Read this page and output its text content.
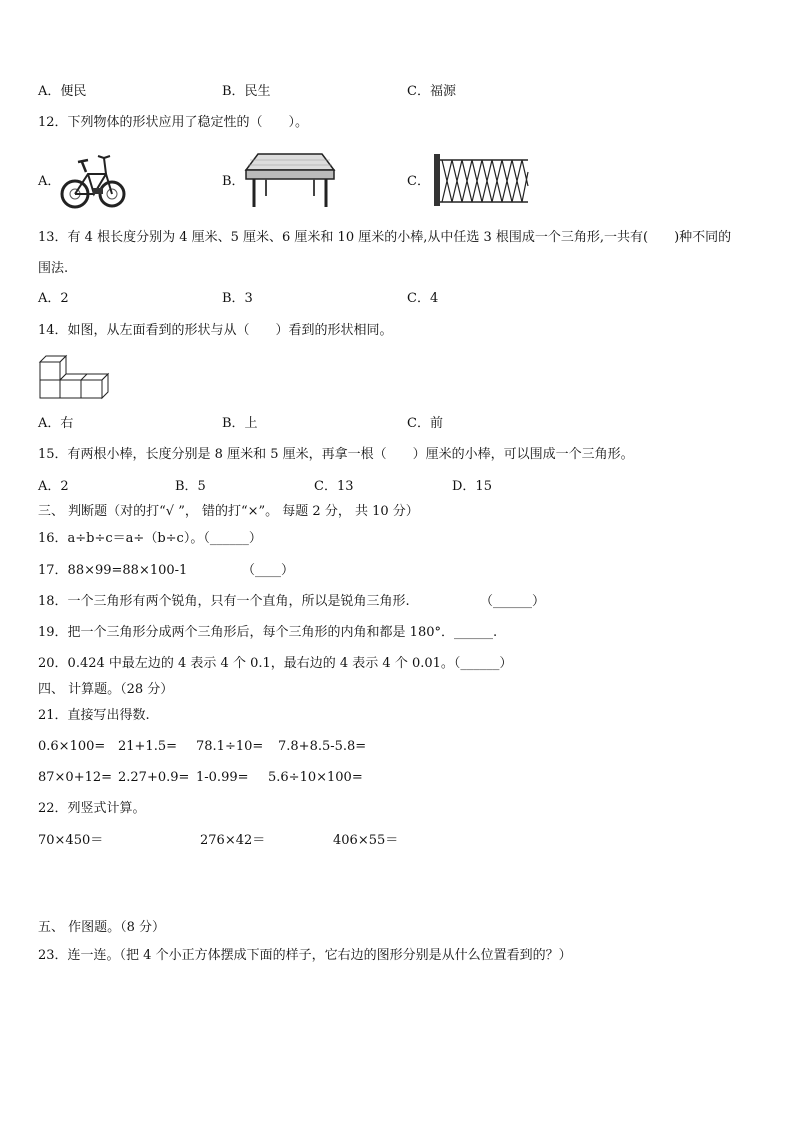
A．便民	B．民生	C．福源
12．下列物体的形状应用了稳定性的（　　）。
A．	B．	C．
13．有 4 根长度分别为 4 厘米、5 厘米、6 厘米和 10 厘米的小棒,从中任选 3 根围成一个三角形,一共有(　　)种不同的
围法.
A．2	B．3	C．4
14．如图，从左面看到的形状与从（　　）看到的形状相同。
A．右	B．上	C．前
15．有两根小棒，长度分别是 8 厘米和 5 厘米，再拿一根（　　）厘米的小棒，可以围成一个三角形。
A．2	B．5	C．13	D．15
三、 判断题（对的打“√ ”， 错的打“×”。 每题 2 分， 共 10 分）
16．a÷b÷c＝a÷（b÷c）。（______）
17．88×99=88×100-1	（____）
18．一个三角形有两个锐角，只有一个直角，所以是锐角三角形.	（______）
19．把一个三角形分成两个三角形后，每个三角形的内角和都是 180°．______.
20．0.424 中最左边的 4 表示 4 个 0.1，最右边的 4 表示 4 个 0.01。（______）
四、 计算题。（28 分）
21．直接写出得数.
0.6×100= 21+1.5= 78.1÷10= 7.8+8.5-5.8=
87×0+12= 2.27+0.9= 1-0.99= 5.6÷10×100=
22．列竖式计算。
70×450＝	276×42＝	406×55＝
五、 作图题。（8 分）
23．连一连。（把 4 个小正方体摆成下面的样子，它右边的图形分别是从什么位置看到的？）
